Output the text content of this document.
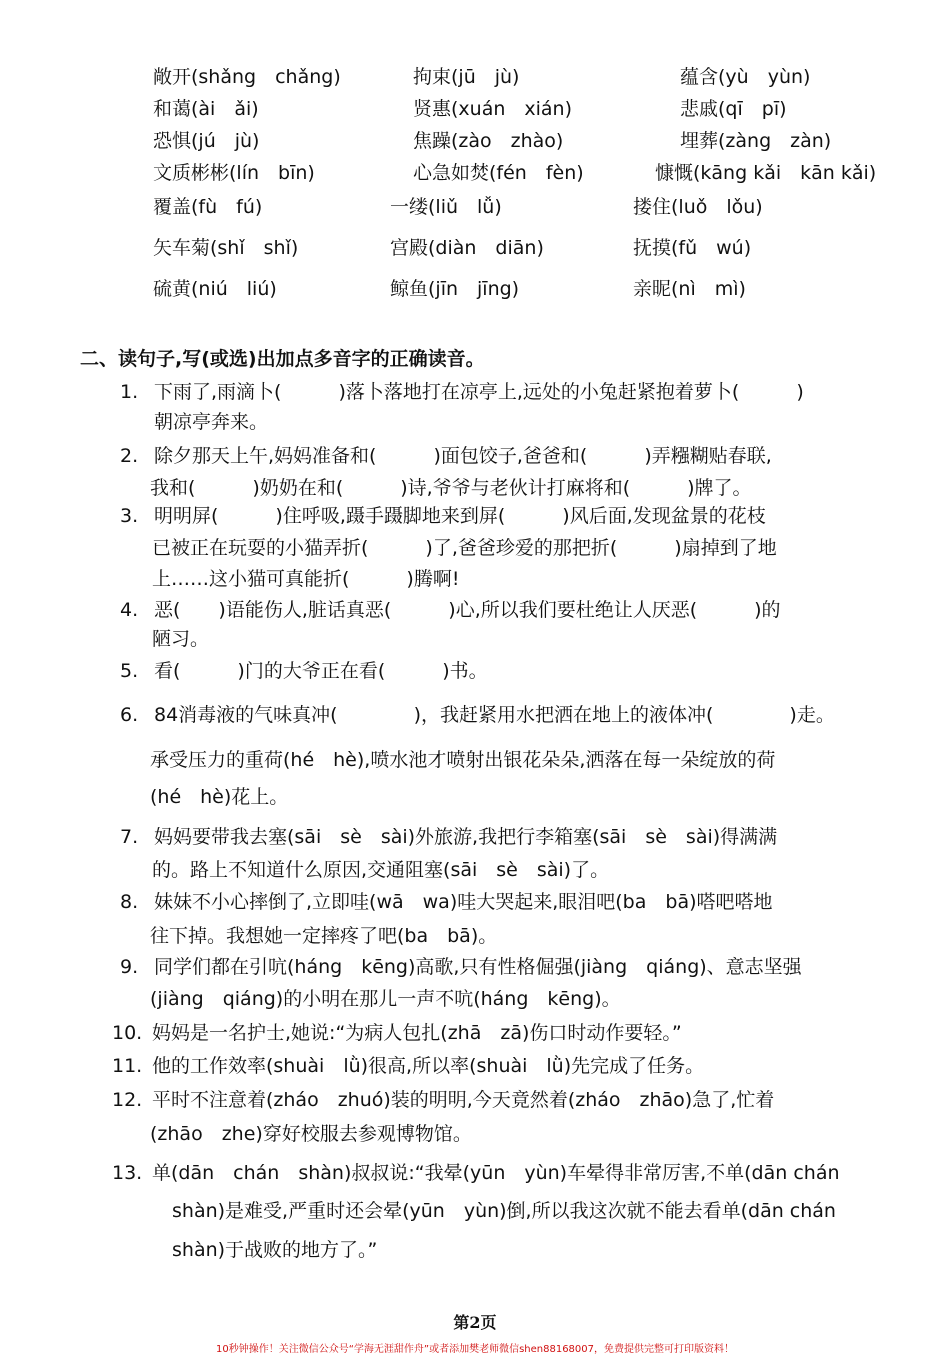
敞开(shǎng　chǎng)	拘束(jū　jù)	蕴含(yù　yùn)
和蔼(ài　ǎi)	贤惠(xuán　xián)	悲戚(qī　pī)
恐惧(jú　jù)	焦躁(zào　zhào)	埋葬(zàng　zàn)
文质彬彬(lín　bīn)	心急如焚(fén　fèn)	慷慨(kāng kǎi　kān kǎi)
覆盖(fù　fú)	一缕(liǔ　lǚ)	搂住(luǒ　lǒu)
矢车菊(shǐ　shǐ)	宫殿(diàn　diān)	抚摸(fǔ　wú)
硫黄(niú　liú)	鲸鱼(jīn　jīng)	亲昵(nì　mì)
二、读句子,写(或选)出加点多音字的正确读音。
1. 下雨了,雨滴卜(　　　)落卜落地打在凉亭上,远处的小兔赶紧抱着萝卜(　　　)
朝凉亭奔来。
2. 除夕那天上午,妈妈准备和(　　　)面包饺子,爸爸和(　　　)弄糨糊贴春联,
我和(　　　)奶奶在和(　　　)诗,爷爷与老伙计打麻将和(　　　)牌了。
3. 明明屏(　　　)住呼吸,蹑手蹑脚地来到屏(　　　)风后面,发现盆景的花枝
已被正在玩耍的小猫弄折(　　　)了,爸爸珍爱的那把折(　　　)扇掉到了地
上……这小猫可真能折(　　　)腾啊!
4. 恶(　　)语能伤人,脏话真恶(　　　)心,所以我们要杜绝让人厌恶(　　　)的
陋习。
5. 看(　　　)门的大爷正在看(　　　)书。
6. 84消毒液的气味真冲(　　　　)，我赶紧用水把洒在地上的液体冲(　　　　)走。
承受压力的重荷(hé　hè),喷水池才喷射出银花朵朵,洒落在每一朵绽放的荷
(hé　hè)花上。
7. 妈妈要带我去塞(sāi　sè　sài)外旅游,我把行李箱塞(sāi　sè　sài)得满满
的。路上不知道什么原因,交通阻塞(sāi　sè　sài)了。
8. 妹妹不小心摔倒了,立即哇(wā　wa)哇大哭起来,眼泪吧(ba　bā)嗒吧嗒地
往下掉。我想她一定摔疼了吧(ba　bā)。
9. 同学们都在引吭(háng　kēng)高歌,只有性格倔强(jiàng　qiáng)、意志坚强
(jiàng　qiáng)的小明在那儿一声不吭(háng　kēng)。
10. 妈妈是一名护士,她说:“为病人包扎(zhā　zā)伤口时动作要轻。”
11. 他的工作效率(shuài　lǜ)很高,所以率(shuài　lǜ)先完成了任务。
12. 平时不注意着(zháo　zhuó)装的明明,今天竟然着(zháo　zhāo)急了,忙着
(zhāo　zhe)穿好校服去参观博物馆。
13. 单(dān　chán　shàn)叔叔说:“我晕(yūn　yùn)车晕得非常厉害,不单(dān chán
shàn)是难受,严重时还会晕(yūn　yùn)倒,所以我这次就不能去看单(dān chán
shàn)于战败的地方了。”
第2页
10秒钟操作！关注微信公众号“学海无涯甜作舟”或者添加樊老师微信shen88168007，免费提供完整可打印版资料！
